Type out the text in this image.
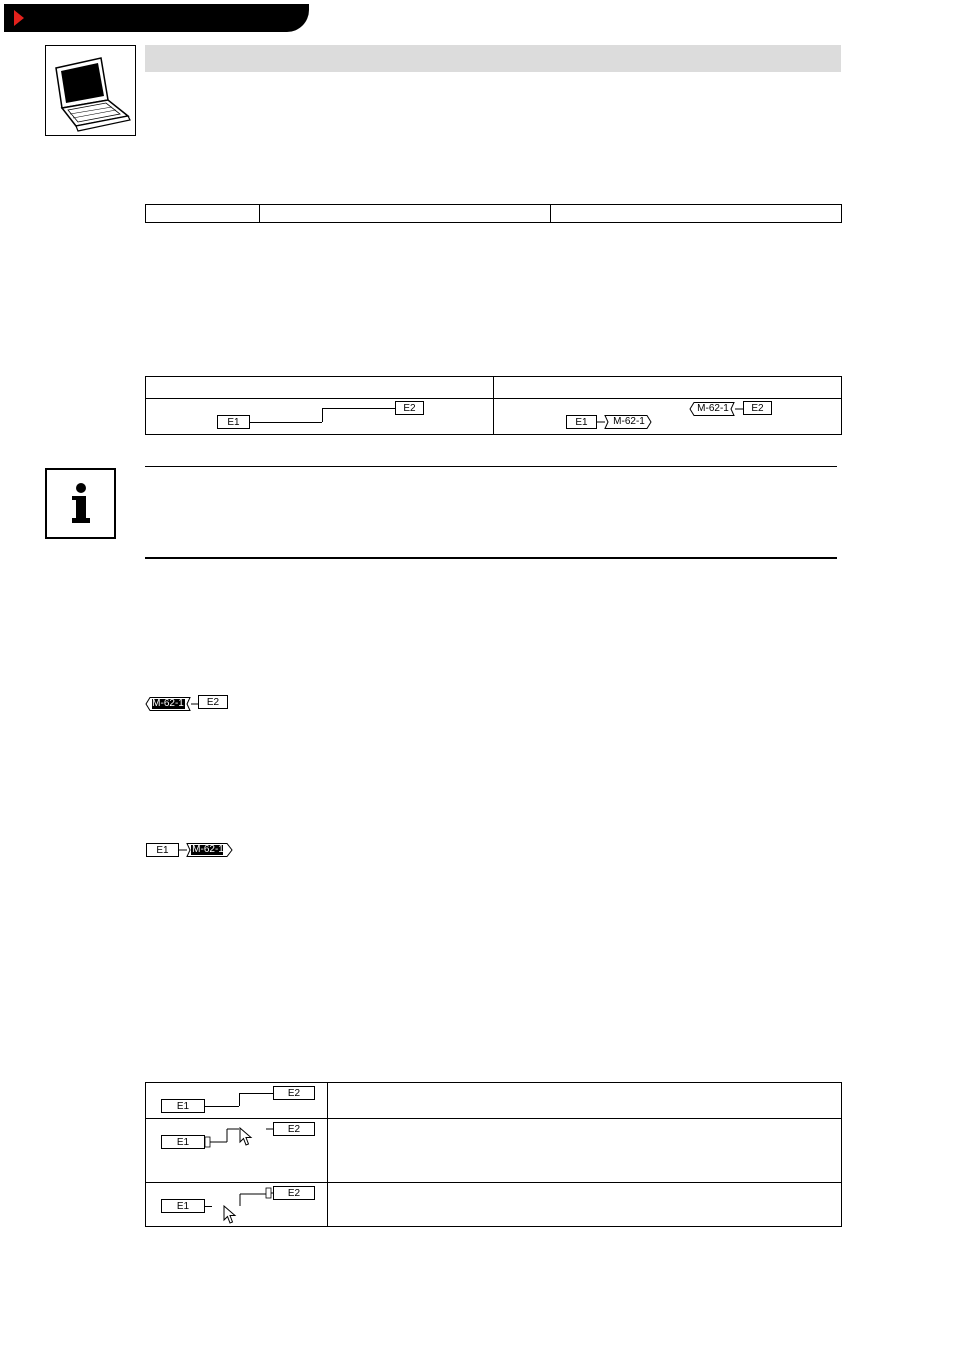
E1
E2
E1	M-62-1
M-62-1	E2
M-62-1	E2
E1	M-62-1

E1
E2
E1
E2
E1
E2
